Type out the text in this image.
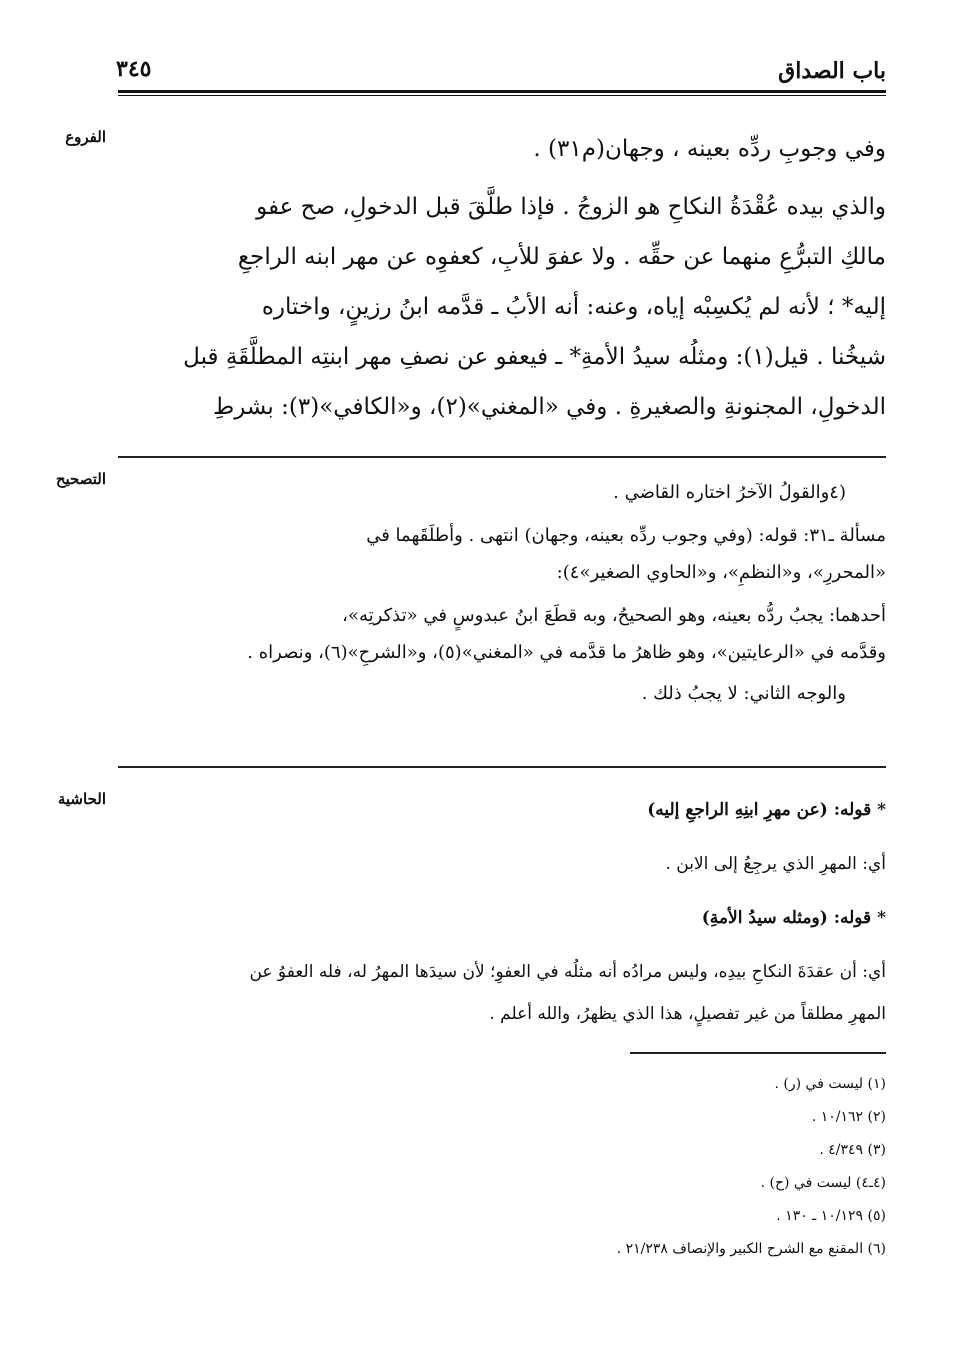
باب الصداق
٣٤٥
الفروع	وفي وجوبِ ردِّه بعينه ، وجهان(م٣١) .
والذي بيده عُقْدَةُ النكاحِ هو الزوجُ . فإذا طلَّقَ قبل الدخولِ، صح عفو
مالكِ التبرُّعِ منهما عن حقِّه . ولا عفوَ للأبِ، كعفوِه عن مهر ابنه الراجعِ
إليه* ؛ لأنه لم يُكسِبْه إياه، وعنه: أنه الأبُ ـ قدَّمه ابنُ رزينٍ، واختاره
شيخُنا . قيل(١): ومثلُه سيدُ الأمةِ* ـ فيعفو عن نصفِ مهر ابنتِه المطلَّقَةِ قبل
الدخولِ، المجنونةِ والصغيرةِ . وفي «المغني»(٢)، و«الكافي»(٣): بشرطِ
التصحيح
(٤والقولُ الآخرُ اختاره القاضي .
مسألة ـ٣١: قوله: (وفي وجوب ردِّه بعينه، وجهان) انتهى . وأطلَقَهما في
«المحررِ»، و«النظمِ»، و«الحاوي الصغير»٤):
أحدهما: يجبُ ردُّه بعينه، وهو الصحيحُ، وبه قطَعَ ابنُ عبدوسٍ في «تذكرتِه»،
وقدَّمه في «الرعايتين»، وهو ظاهرُ ما قدَّمه في «المغني»(٥)، و«الشرحِ»(٦)، ونصراه .
والوجه الثاني: لا يجبُ ذلك .
الحاشية
* قوله: (عن مهرِ ابنِهِ الراجعِ إليه)
أي: المهرِ الذي يرجِعُ إلى الابن .
* قوله: (ومثله سيدُ الأمةِ)
أي: أن عقدَةَ النكاحِ بيدِه، وليس مرادُه أنه مثلُه في العفوِ؛ لأن سيدَها المهرُ له، فله العفوُ عن
المهرِ مطلقاً من غير تفصيلٍ، هذا الذي يظهرُ، والله أعلم .
(١) ليست في (ر) .
(٢) ١٠/١٦٢ .
(٣) ٤/٣٤٩ .
(٤ـ٤) ليست في (ح) .
(٥) ١٠/١٢٩ ـ ١٣٠ .
(٦) المقنع مع الشرح الكبير والإنصاف ٢١/٢٣٨ .
